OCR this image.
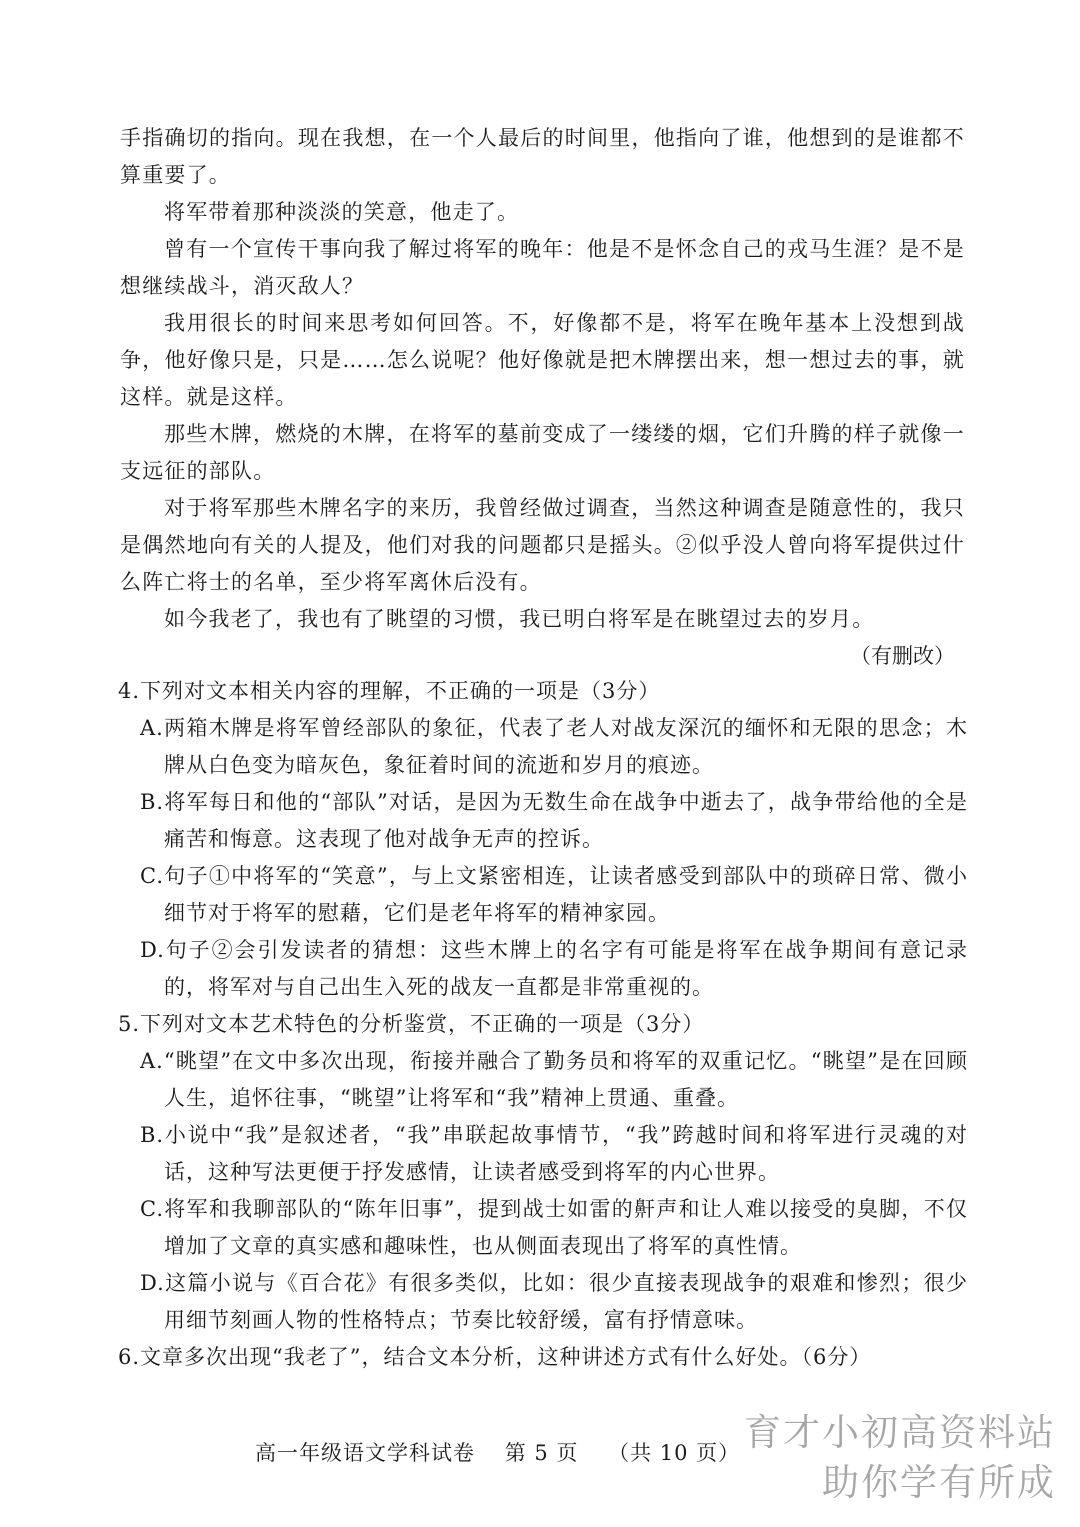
手指确切的指向。现在我想，在一个人最后的时间里，他指向了谁，他想到的是谁都不算重要了。

将军带着那种淡淡的笑意，他走了。

曾有一个宣传干事向我了解过将军的晚年：他是不是怀念自己的戎马生涯？是不是想继续战斗，消灭敌人？

我用很长的时间来思考如何回答。不，好像都不是，将军在晚年基本上没想到战争，他好像只是，只是……怎么说呢？他好像就是把木牌摆出来，想一想过去的事，就这样。就是这样。

那些木牌，燃烧的木牌，在将军的墓前变成了一缕缕的烟，它们升腾的样子就像一支远征的部队。

对于将军那些木牌名字的来历，我曾经做过调查，当然这种调查是随意性的，我只是偶然地向有关的人提及，他们对我的问题都只是摇头。②似乎没人曾向将军提供过什么阵亡将士的名单，至少将军离休后没有。

如今我老了，我也有了眺望的习惯，我已明白将军是在眺望过去的岁月。

（有删改）

4.下列对文本相关内容的理解，不正确的一项是（3分）

A.两箱木牌是将军曾经部队的象征，代表了老人对战友深沉的缅怀和无限的思念；木牌从白色变为暗灰色，象征着时间的流逝和岁月的痕迹。

B.将军每日和他的“部队”对话，是因为无数生命在战争中逝去了，战争带给他的全是痛苦和悔意。这表现了他对战争无声的控诉。

C.句子①中将军的“笑意”，与上文紧密相连，让读者感受到部队中的琐碎日常、微小细节对于将军的慰藉，它们是老年将军的精神家园。

D.句子②会引发读者的猜想：这些木牌上的名字有可能是将军在战争期间有意记录的，将军对与自己出生入死的战友一直都是非常重视的。

5.下列对文本艺术特色的分析鉴赏，不正确的一项是（3分）

A.“眺望”在文中多次出现，衔接并融合了勤务员和将军的双重记忆。“眺望”是在回顾人生，追怀往事，“眺望”让将军和“我”精神上贯通、重叠。

B.小说中“我”是叙述者，“我”串联起故事情节，“我”跨越时间和将军进行灵魂的对话，这种写法更便于抒发感情，让读者感受到将军的内心世界。

C.将军和我聊部队的“陈年旧事”，提到战士如雷的鼾声和让人难以接受的臭脚，不仅增加了文章的真实感和趣味性，也从侧面表现出了将军的真性情。

D.这篇小说与《百合花》有很多类似，比如：很少直接表现战争的艰难和惨烈；很少用细节刻画人物的性格特点；节奏比较舒缓，富有抒情意味。

6.文章多次出现“我老了”，结合文本分析，这种讲述方式有什么好处。（6分）

高一年级语文学科试卷 第 5 页 （共 10 页） 育才小初高资料站
助你学有所成
